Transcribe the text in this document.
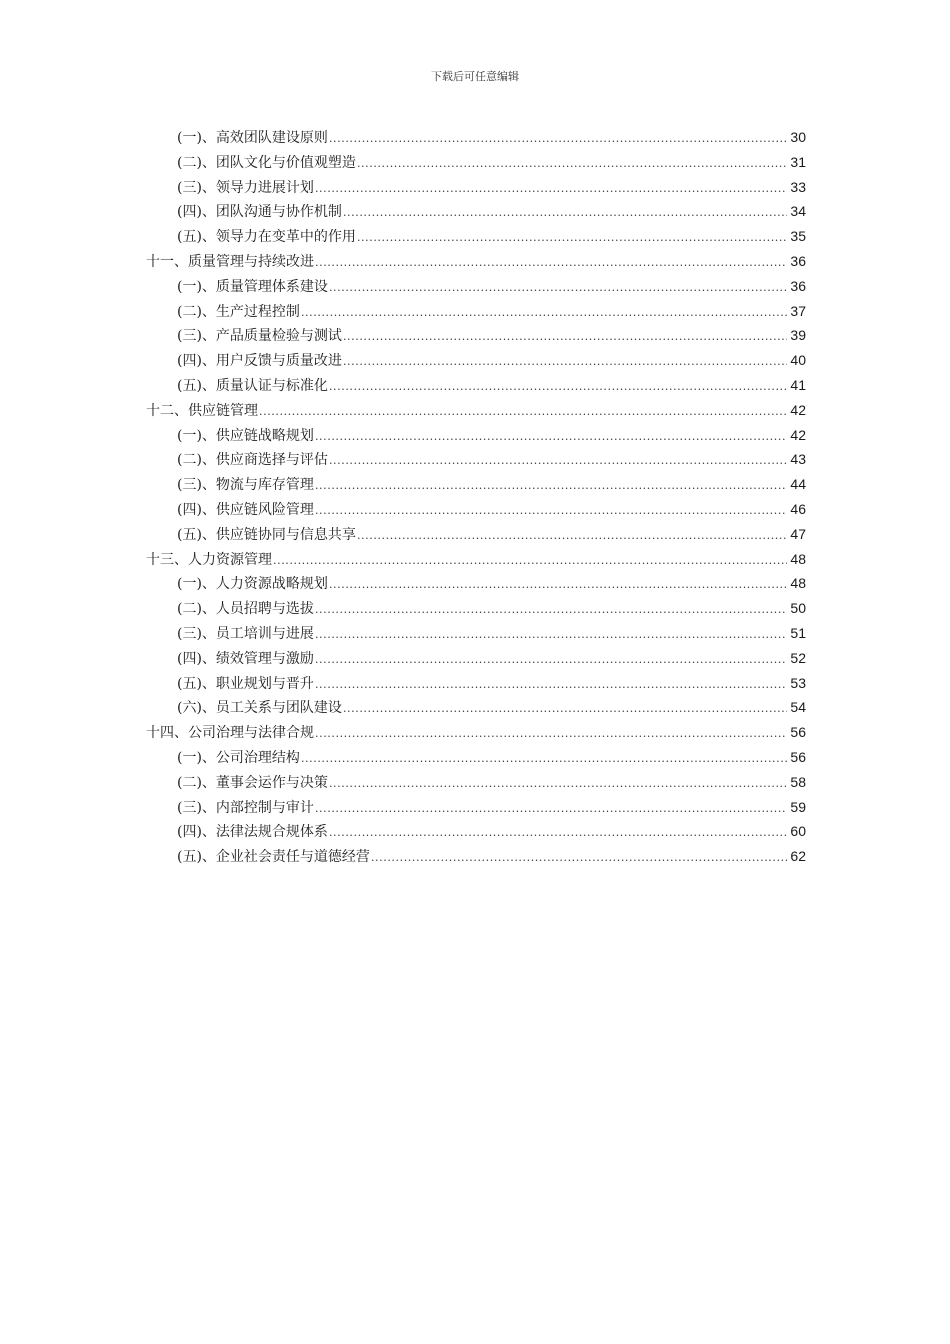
下载后可任意编辑
(一)、高效团队建设原则 .....	30
(二)、团队文化与价值观塑造 .....	31
(三)、领导力进展计划 .....	33
(四)、团队沟通与协作机制 .....	34
(五)、领导力在变革中的作用 .....	35
十一、质量管理与持续改进 .....	36
(一)、质量管理体系建设 .....	36
(二)、生产过程控制 .....	37
(三)、产品质量检验与测试 .....	39
(四)、用户反馈与质量改进 .....	40
(五)、质量认证与标准化 .....	41
十二、供应链管理 .....	42
(一)、供应链战略规划 .....	42
(二)、供应商选择与评估 .....	43
(三)、物流与库存管理 .....	44
(四)、供应链风险管理 .....	46
(五)、供应链协同与信息共享 .....	47
十三、人力资源管理 .....	48
(一)、人力资源战略规划 .....	48
(二)、人员招聘与选拔 .....	50
(三)、员工培训与进展 .....	51
(四)、绩效管理与激励 .....	52
(五)、职业规划与晋升 .....	53
(六)、员工关系与团队建设 .....	54
十四、公司治理与法律合规 .....	56
(一)、公司治理结构 .....	56
(二)、董事会运作与决策 .....	58
(三)、内部控制与审计 .....	59
(四)、法律法规合规体系 .....	60
(五)、企业社会责任与道德经营 .....	62
